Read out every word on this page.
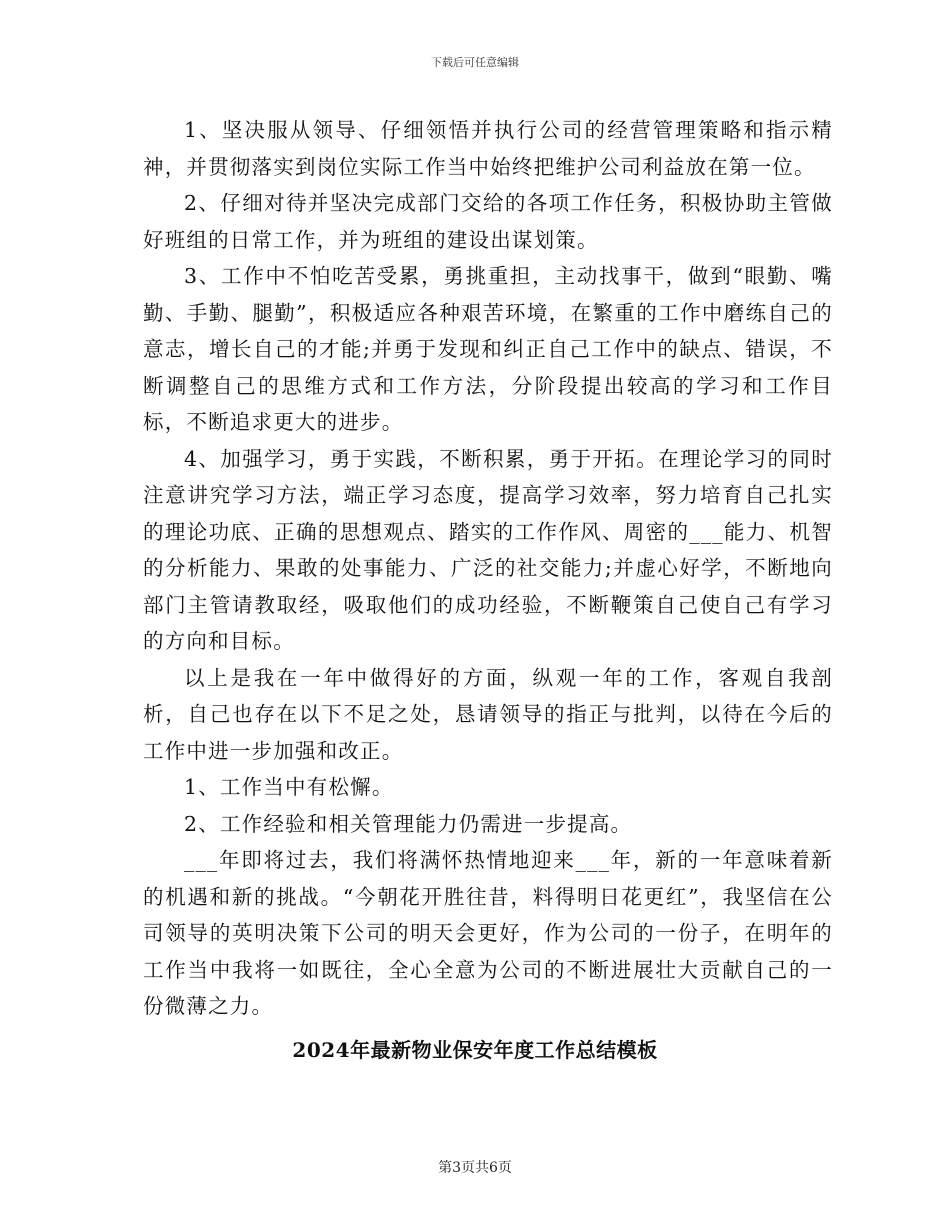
下载后可任意编辑

1、坚决服从领导、仔细领悟并执行公司的经营管理策略和指示精神，并贯彻落实到岗位实际工作当中始终把维护公司利益放在第一位。

2、仔细对待并坚决完成部门交给的各项工作任务，积极协助主管做好班组的日常工作，并为班组的建设出谋划策。

3、工作中不怕吃苦受累，勇挑重担，主动找事干，做到“眼勤、嘴勤、手勤、腿勤”，积极适应各种艰苦环境，在繁重的工作中磨练自己的意志，增长自己的才能;并勇于发现和纠正自己工作中的缺点、错误，不断调整自己的思维方式和工作方法，分阶段提出较高的学习和工作目标，不断追求更大的进步。

4、加强学习，勇于实践，不断积累，勇于开拓。在理论学习的同时注意讲究学习方法，端正学习态度，提高学习效率，努力培育自己扎实的理论功底、正确的思想观点、踏实的工作作风、周密的___能力、机智的分析能力、果敢的处事能力、广泛的社交能力;并虚心好学，不断地向部门主管请教取经，吸取他们的成功经验，不断鞭策自己使自己有学习的方向和目标。

以上是我在一年中做得好的方面，纵观一年的工作，客观自我剖析，自己也存在以下不足之处，恳请领导的指正与批判，以待在今后的工作中进一步加强和改正。

1、工作当中有松懈。

2、工作经验和相关管理能力仍需进一步提高。

___年即将过去，我们将满怀热情地迎来___年，新的一年意味着新的机遇和新的挑战。“今朝花开胜往昔，料得明日花更红”，我坚信在公司领导的英明决策下公司的明天会更好，作为公司的一份子，在明年的工作当中我将一如既往，全心全意为公司的不断进展壮大贡献自己的一份微薄之力。

2024年最新物业保安年度工作总结模板
第3页共6页
